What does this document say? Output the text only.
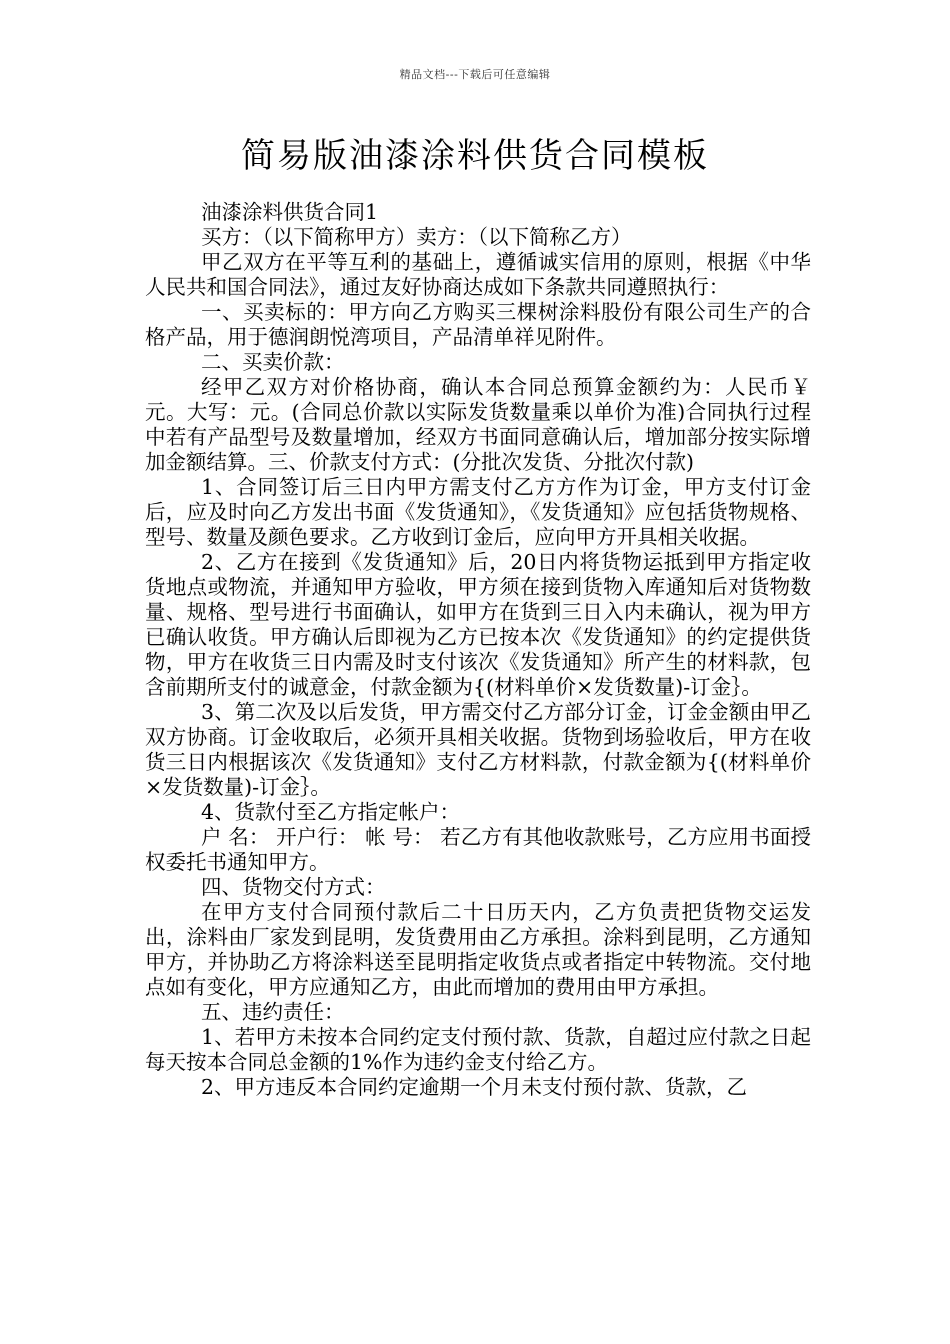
精品文档---下载后可任意编辑
简易版油漆涂料供货合同模板

油漆涂料供货合同1

买方：（以下简称甲方）卖方：（以下简称乙方）

甲乙双方在平等互利的基础上，遵循诚实信用的原则，根据《中华人民共和国合同法》，通过友好协商达成如下条款共同遵照执行：

一、买卖标的：甲方向乙方购买三棵树涂料股份有限公司生产的合格产品，用于德润朗悦湾项目，产品清单祥见附件。

二、买卖价款：

经甲乙双方对价格协商，确认本合同总预算金额约为：人民币￥ 元。大写：元。(合同总价款以实际发货数量乘以单价为准)合同执行过程中若有产品型号及数量增加，经双方书面同意确认后，增加部分按实际增加金额结算。三、价款支付方式：(分批次发货、分批次付款)

1、合同签订后三日内甲方需支付乙方方作为订金，甲方支付订金后，应及时向乙方发出书面《发货通知》，《发货通知》应包括货物规格、型号、数量及颜色要求。乙方收到订金后，应向甲方开具相关收据。

2、乙方在接到《发货通知》后，20日内将货物运抵到甲方指定收货地点或物流，并通知甲方验收，甲方须在接到货物入库通知后对货物数量、规格、型号进行书面确认，如甲方在货到三日入内未确认，视为甲方已确认收货。甲方确认后即视为乙方已按本次《发货通知》的约定提供货物，甲方在收货三日内需及时支付该次《发货通知》所产生的材料款，包含前期所支付的诚意金，付款金额为{(材料单价×发货数量)-订金｝。

3、第二次及以后发货，甲方需交付乙方部分订金，订金金额由甲乙双方协商。订金收取后，必须开具相关收据。货物到场验收后，甲方在收货三日内根据该次《发货通知》支付乙方材料款，付款金额为{(材料单价×发货数量)-订金｝。

4、货款付至乙方指定帐户：

户 名： 开户行： 帐 号： 若乙方有其他收款账号，乙方应用书面授权委托书通知甲方。

四、货物交付方式：

在甲方支付合同预付款后二十日历天内，乙方负责把货物交运发出，涂料由厂家发到昆明，发货费用由乙方承担。涂料到昆明，乙方通知甲方，并协助乙方将涂料送至昆明指定收货点或者指定中转物流。交付地点如有变化，甲方应通知乙方，由此而增加的费用由甲方承担。

五、违约责任：

1、若甲方未按本合同约定支付预付款、货款，自超过应付款之日起每天按本合同总金额的1%作为违约金支付给乙方。

2、甲方违反本合同约定逾期一个月未支付预付款、货款，乙
